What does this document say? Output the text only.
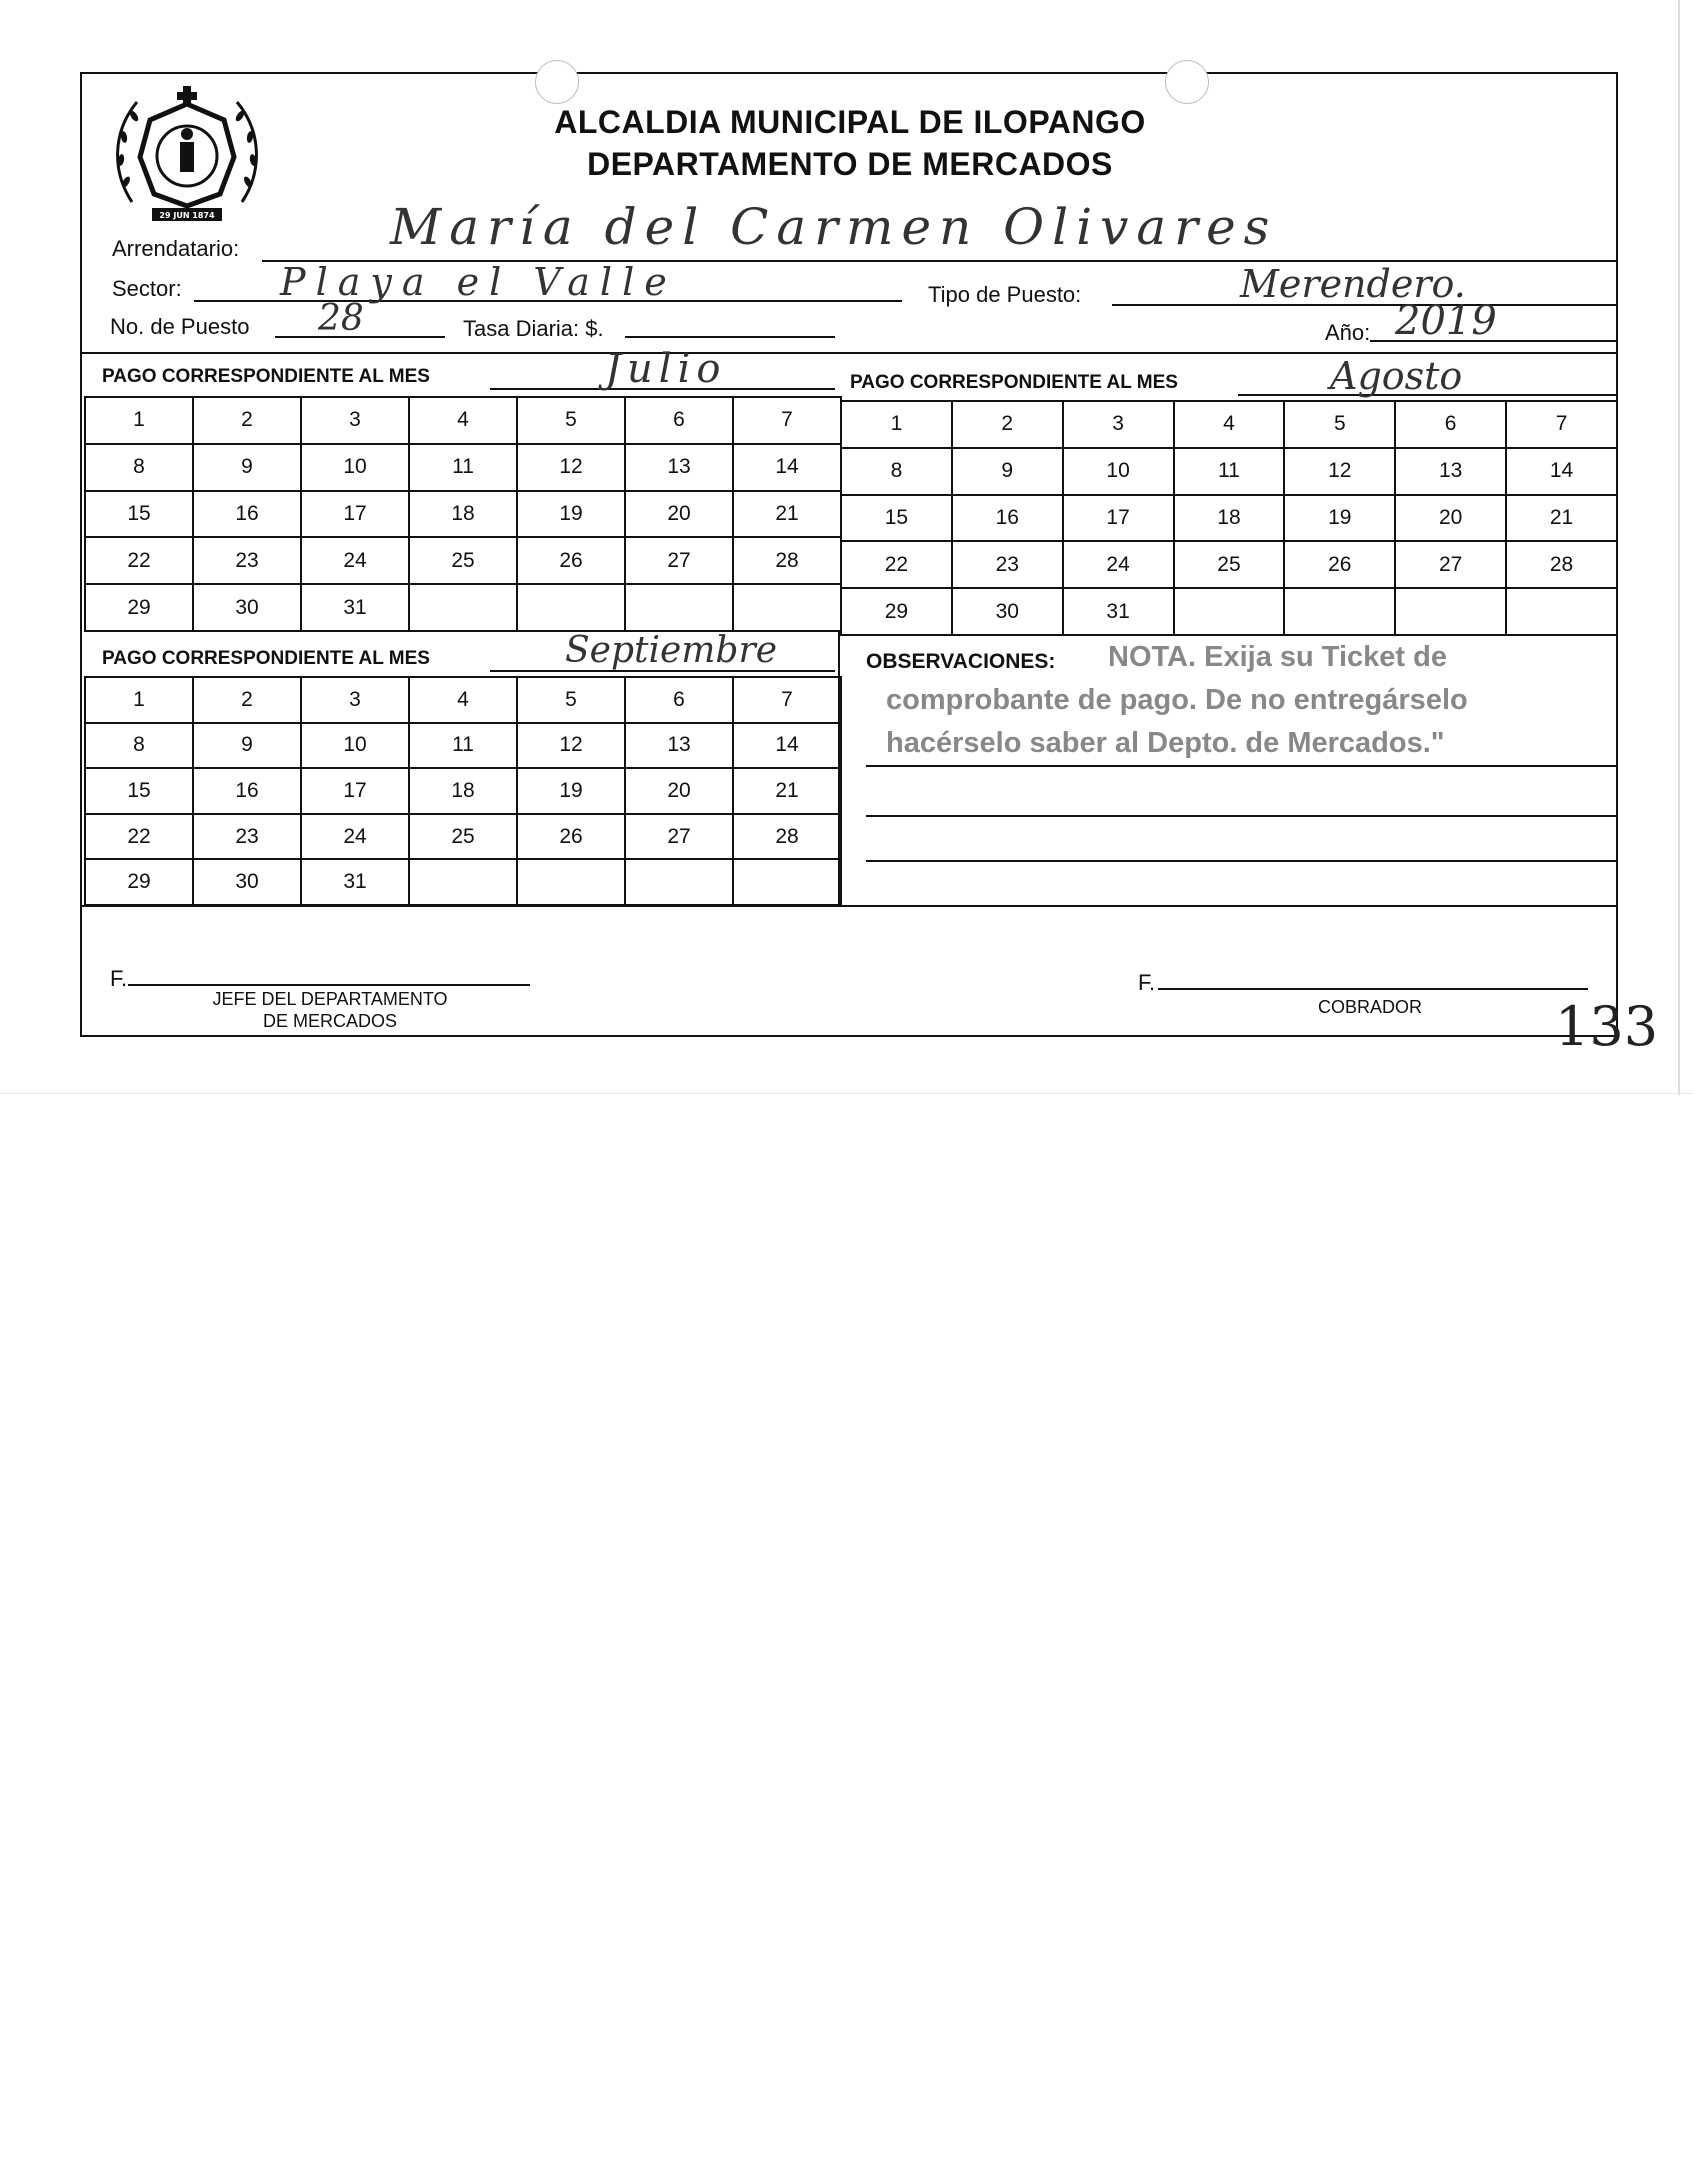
29 JUN 1874
ALCALDIA MUNICIPAL DE ILOPANGO
DEPARTAMENTO DE MERCADOS
Arrendatario:	María del Carmen Olivares
Sector:	Playa el Valle	Tipo de Puesto:	Merendero.
No. de Puesto 28	Tasa Diaria: $.	Año: 2019
PAGO CORRESPONDIENTE AL MES	Julio	PAGO CORRESPONDIENTE AL MES	Agosto
1	2	3	4	5	6	7
8	9	10	11	12	13	14
15	16	17	18	19	20	21
22	23	24	25	26	27	28
29	30	31				
1	2	3	4	5	6	7
8	9	10	11	12	13	14
15	16	17	18	19	20	21
22	23	24	25	26	27	28
29	30	31				
PAGO CORRESPONDIENTE AL MES	Septiembre
1	2	3	4	5	6	7
8	9	10	11	12	13	14
15	16	17	18	19	20	21
22	23	24	25	26	27	28
29	30	31				
OBSERVACIONES:	NOTA. Exija su Ticket de
comprobante de pago. De no entregárselo
hacérselo saber al Depto. de Mercados."
F.
JEFE DEL DEPARTAMENTO
DE MERCADOS
F.
COBRADOR	133
